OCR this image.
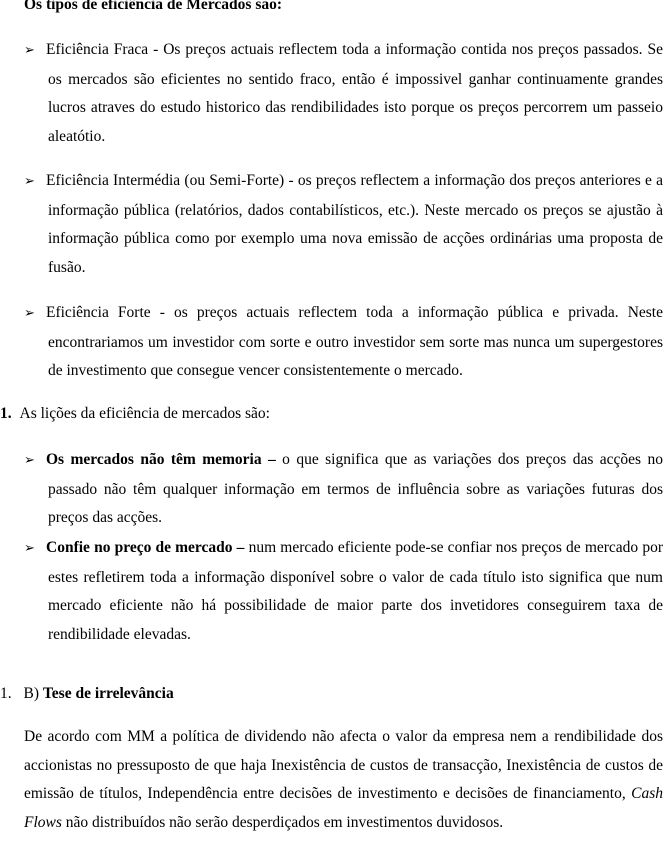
Os tipos de eficiência de Mercados são:

➢ Eficiência Fraca - Os preços actuais reflectem toda a informação contida nos preços passados. Se os mercados são eficientes no sentido fraco, então é impossivel ganhar continuamente grandes lucros atraves do estudo historico das rendibilidades isto porque os preços percorrem um passeio aleatótio.

➢ Eficiência Intermédia (ou Semi-Forte) - os preços reflectem a informação dos preços anteriores e a informação pública (relatórios, dados contabilísticos, etc.). Neste mercado os preços se ajustão à informação pública como por exemplo uma nova emissão de acções ordinárias uma proposta de fusão.

➢ Eficiência Forte - os preços actuais reflectem toda a informação pública e privada. Neste encontrariamos um investidor com sorte e outro investidor sem sorte mas nunca um supergestores de investimento que consegue vencer consistentemente o mercado.

1. As lições da eficiência de mercados são:

➢ Os mercados não têm memoria – o que significa que as variações dos preços das acções no passado não têm qualquer informação em termos de influência sobre as variações futuras dos preços das acções.

➢ Confie no preço de mercado – num mercado eficiente pode-se confiar nos preços de mercado por estes refletirem toda a informação disponível sobre o valor de cada título isto significa que num mercado eficiente não há possibilidade de maior parte dos invetidores conseguirem taxa de rendibilidade elevadas.

1. B) Tese de irrelevância

De acordo com MM a política de dividendo não afecta o valor da empresa nem a rendibilidade dos accionistas no pressuposto de que haja Inexistência de custos de transacção, Inexistência de custos de emissão de títulos, Independência entre decisões de investimento e decisões de financiamento, Cash Flows não distribuídos não serão desperdiçados em investimentos duvidosos.
